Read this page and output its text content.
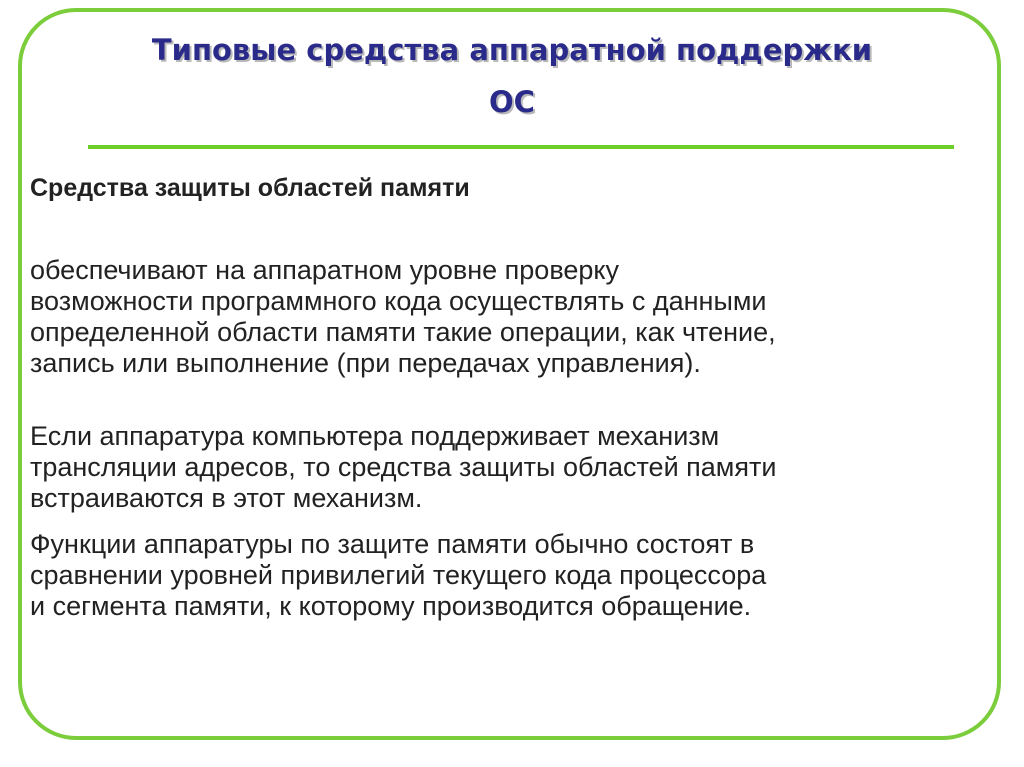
Типовые средства аппаратной поддержки
ОС
Средства защиты областей памяти

обеспечивают на аппаратном уровне проверку
возможности программного кода осуществлять с данными
определенной области памяти такие операции, как чтение,
запись или выполнение (при передачах управления).

Если аппаратура компьютера поддерживает механизм
трансляции адресов, то средства защиты областей памяти
встраиваются в этот механизм.

Функции аппаратуры по защите памяти обычно состоят в
сравнении уровней привилегий текущего кода процессора
и сегмента памяти, к которому производится обращение.
